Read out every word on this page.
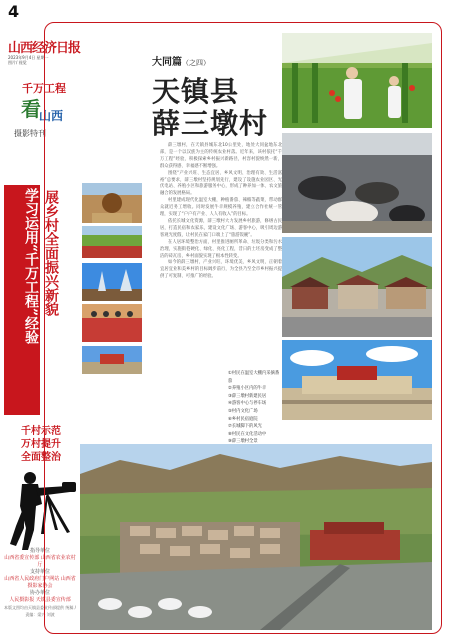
4
山西经济日报
2023年9月4日 星期一
图片/ 视觉
千万工程
看
山西
摄影特刊
学习运用“千万工程”经验 展乡村全面振兴新貌
千村示范
万村提升
全面整治
指导单位
山西省委宣传部 山西省农业农村厅
支持单位
山西省人民政府门户网站 山西省摄影家协会
协办单位
人民摄影报 天镇县委宣传部
本版文图均由天镇县委宣传部提供 统稿 / 责编：梁兴 刘波
大同篇（之四）
天镇县
薛三墩村

薛三墩村，在天镇县城东北10公里处，地处大同盆地东北部，是一个以汉族为主的传统农业村落。近年来，该村依托“千万工程”经验，积极探索乡村振兴新路径，村容村貌焕然一新，群众获得感、幸福感不断增强。

围绕“产业兴旺、生态宜居、乡风文明、治理有效、生活富裕”总要求，薛三墩村坚持规划先行，建设了设施农业园区、光伏电站、养殖小区和旅游服务中心，形成了种养加一体、农文旅融合的发展格局。

村里建成现代化温室大棚，种植番茄、辣椒等蔬菜，带动群众就近务工增收。同时发展牛羊规模养殖，建立合作社统一管理，实现了“户户有产业、人人有收入”的目标。

依托长城文化资源，薛三墩村大力发展乡村旅游，修缮古民居，打造民宿和农家乐，建设文化广场、游客中心，吸引周边游客观光度假，让村民在家门口端上了“旅游饭碗”。

在人居环境整治方面，村里推进厕所革命、垃圾分类和污水治理，实施街巷硬化、绿化、亮化工程，昔日的土坯房变成了整洁的砖瓦房，乡村面貌实现了根本性转变。

如今的薛三墩村，产业兴旺、环境优美、乡风文明，正朝着宜居宜业和美乡村的目标阔步前行，为全县乃至全市乡村振兴提供了可复制、可推广的经验。

①村民在温室大棚内采摘番茄
②养殖小区内的牛羊
③薛三墩村新建民居
④游客中心与停车场
⑤村内文化广场
⑥乡村民宿庭院
⑦长城脚下的风光
⑧村民在文化活动中
⑨薛三墩村全景
